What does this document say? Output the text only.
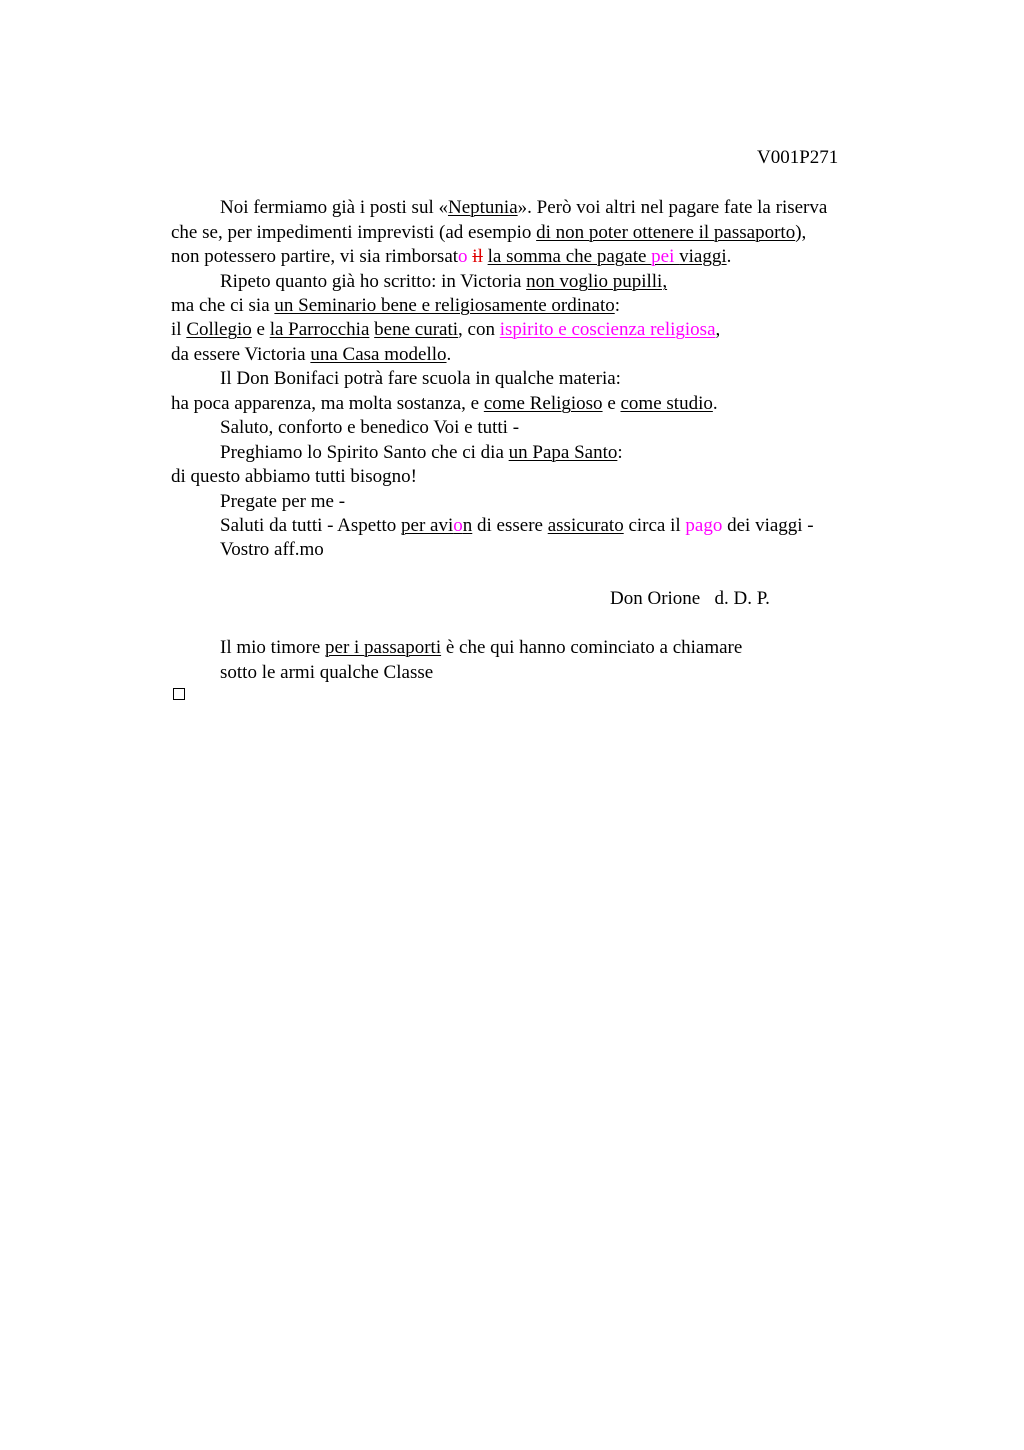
V001P271
Noi fermiamo già i posti sul «Neptunia». Però voi altri nel pagare fate la riserva
che se, per impedimenti imprevisti (ad esempio di non poter ottenere il passaporto),
non potessero partire, vi sia rimborsato il la somma che pagate pei viaggi.
Ripeto quanto già ho scritto: in Victoria non voglio pupilli,
ma che ci sia un Seminario bene e religiosamente ordinato:
il Collegio e la Parrocchia bene curati, con ispirito e coscienza religiosa,
da essere Victoria una Casa modello.
Il Don Bonifaci potrà fare scuola in qualche materia:
ha poca apparenza, ma molta sostanza, e come Religioso e come studio.
Saluto, conforto e benedico Voi e tutti -
Preghiamo lo Spirito Santo che ci dia un Papa Santo:
di questo abbiamo tutti bisogno!
Pregate per me -
Saluti da tutti - Aspetto per avion di essere assicurato circa il pago dei viaggi -
Vostro aff.mo
Don Orione   d. D. P.
Il mio timore per i passaporti è che qui hanno cominciato a chiamare
sotto le armi qualche Classe
